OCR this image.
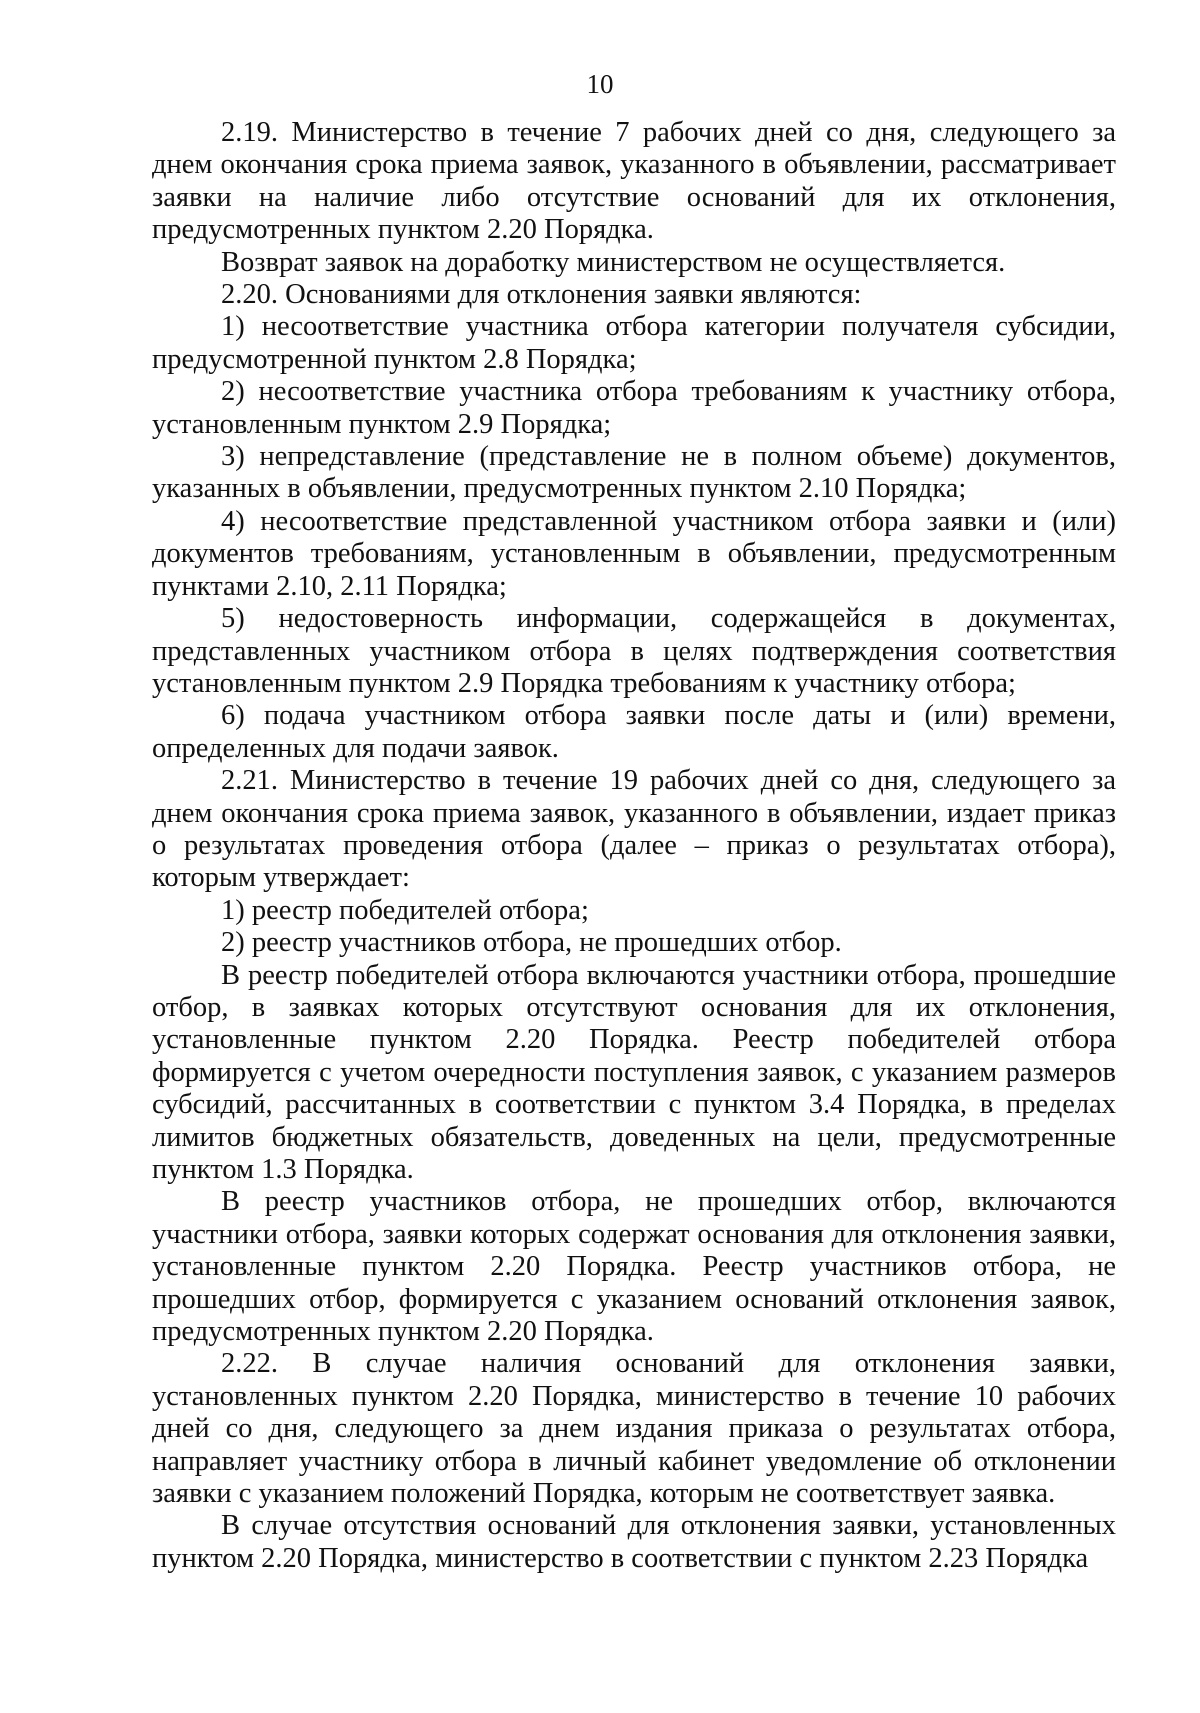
10

2.19. Министерство в течение 7 рабочих дней со дня, следующего за днем окончания срока приема заявок, указанного в объявлении, рассматривает заявки на наличие либо отсутствие оснований для их отклонения, предусмотренных пунктом 2.20 Порядка.

Возврат заявок на доработку министерством не осуществляется.

2.20. Основаниями для отклонения заявки являются:

1) несоответствие участника отбора категории получателя субсидии, предусмотренной пунктом 2.8 Порядка;

2) несоответствие участника отбора требованиям к участнику отбора, установленным пунктом 2.9 Порядка;

3) непредставление (представление не в полном объеме) документов, указанных в объявлении, предусмотренных пунктом 2.10 Порядка;

4) несоответствие представленной участником отбора заявки и (или) документов требованиям, установленным в объявлении, предусмотренным пунктами 2.10, 2.11 Порядка;

5) недостоверность информации, содержащейся в документах, представленных участником отбора в целях подтверждения соответствия установленным пунктом 2.9 Порядка требованиям к участнику отбора;

6) подача участником отбора заявки после даты и (или) времени, определенных для подачи заявок.

2.21. Министерство в течение 19 рабочих дней со дня, следующего за днем окончания срока приема заявок, указанного в объявлении, издает приказ о результатах проведения отбора (далее – приказ о результатах отбора), которым утверждает:

1) реестр победителей отбора;

2) реестр участников отбора, не прошедших отбор.

В реестр победителей отбора включаются участники отбора, прошедшие отбор, в заявках которых отсутствуют основания для их отклонения, установленные пунктом 2.20 Порядка. Реестр победителей отбора формируется с учетом очередности поступления заявок, с указанием размеров субсидий, рассчитанных в соответствии с пунктом 3.4 Порядка, в пределах лимитов бюджетных обязательств, доведенных на цели, предусмотренные пунктом 1.3 Порядка.

В реестр участников отбора, не прошедших отбор, включаются участники отбора, заявки которых содержат основания для отклонения заявки, установленные пунктом 2.20 Порядка. Реестр участников отбора, не прошедших отбор, формируется с указанием оснований отклонения заявок, предусмотренных пунктом 2.20 Порядка.

2.22. В случае наличия оснований для отклонения заявки, установленных пунктом 2.20 Порядка, министерство в течение 10 рабочих дней со дня, следующего за днем издания приказа о результатах отбора, направляет участнику отбора в личный кабинет уведомление об отклонении заявки с указанием положений Порядка, которым не соответствует заявка.

В случае отсутствия оснований для отклонения заявки, установленных пунктом 2.20 Порядка, министерство в соответствии с пунктом 2.23 Порядка
